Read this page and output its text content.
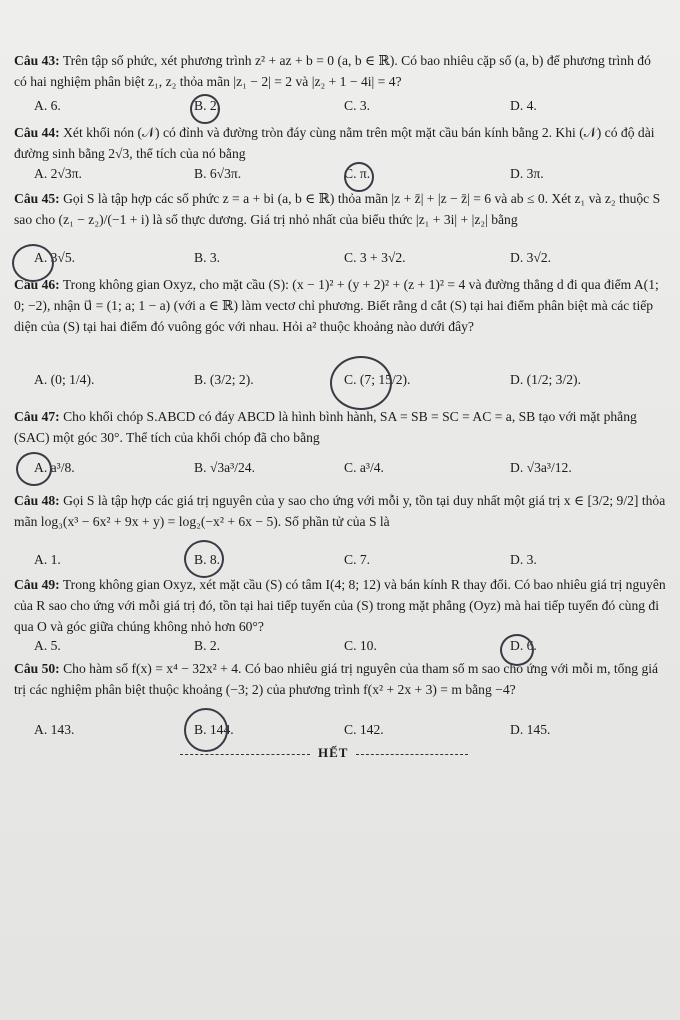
Câu 43: Trên tập số phức, xét phương trình z² + az + b = 0 (a, b ∈ ℝ). Có bao nhiêu cặp số (a, b) để phương trình đó có hai nghiệm phân biệt z₁, z₂ thỏa mãn |z₁ − 2| = 2 và |z₂ + 1 − 4i| = 4?

A. 6.	B. 2.	C. 3.	D. 4.

Câu 44: Xét khối nón (𝒩) có đỉnh và đường tròn đáy cùng nằm trên một mặt cầu bán kính bằng 2. Khi (𝒩) có độ dài đường sinh bằng 2√3, thể tích của nó bằng

A. 2√3π.	B. 6√3π.	C. π.	D. 3π.

Câu 45: Gọi S là tập hợp các số phức z = a + bi (a, b ∈ ℝ) thỏa mãn |z + z̄| + |z − z̄| = 6 và ab ≤ 0. Xét z₁ và z₂ thuộc S sao cho (z₁ − z₂)/(−1 + i) là số thực dương. Giá trị nhỏ nhất của biểu thức |z₁ + 3i| + |z₂| bằng

A. 3√5.	B. 3.	C. 3 + 3√2.	D. 3√2.

Câu 46: Trong không gian Oxyz, cho mặt cầu (S): (x − 1)² + (y + 2)² + (z + 1)² = 4 và đường thẳng d đi qua điểm A(1; 0; −2), nhận u⃗ = (1; a; 1 − a) (với a ∈ ℝ) làm vectơ chỉ phương. Biết rằng d cắt (S) tại hai điểm phân biệt mà các tiếp diện của (S) tại hai điểm đó vuông góc với nhau. Hỏi a² thuộc khoảng nào dưới đây?

A. (0; 1/4).	B. (3/2; 2).	C. (7; 15/2).	D. (1/2; 3/2).

Câu 47: Cho khối chóp S.ABCD có đáy ABCD là hình bình hành, SA = SB = SC = AC = a, SB tạo với mặt phẳng (SAC) một góc 30°. Thể tích của khối chóp đã cho bằng

A. a³/8.	B. √3a³/24.	C. a³/4.	D. √3a³/12.

Câu 48: Gọi S là tập hợp các giá trị nguyên của y sao cho ứng với mỗi y, tồn tại duy nhất một giá trị x ∈ [3/2; 9/2] thỏa mãn log₃(x³ − 6x² + 9x + y) = log₂(−x² + 6x − 5). Số phần tử của S là

A. 1.	B. 8.	C. 7.	D. 3.

Câu 49: Trong không gian Oxyz, xét mặt cầu (S) có tâm I(4; 8; 12) và bán kính R thay đổi. Có bao nhiêu giá trị nguyên của R sao cho ứng với mỗi giá trị đó, tồn tại hai tiếp tuyến của (S) trong mặt phẳng (Oyz) mà hai tiếp tuyến đó cùng đi qua O và góc giữa chúng không nhỏ hơn 60°?

A. 5.	B. 2.	C. 10.	D. 6.

Câu 50: Cho hàm số f(x) = x⁴ − 32x² + 4. Có bao nhiêu giá trị nguyên của tham số m sao cho ứng với mỗi m, tổng giá trị các nghiệm phân biệt thuộc khoảng (−3; 2) của phương trình f(x² + 2x + 3) = m bằng −4?

A. 143.	B. 144.	C. 142.	D. 145.
HẾT
